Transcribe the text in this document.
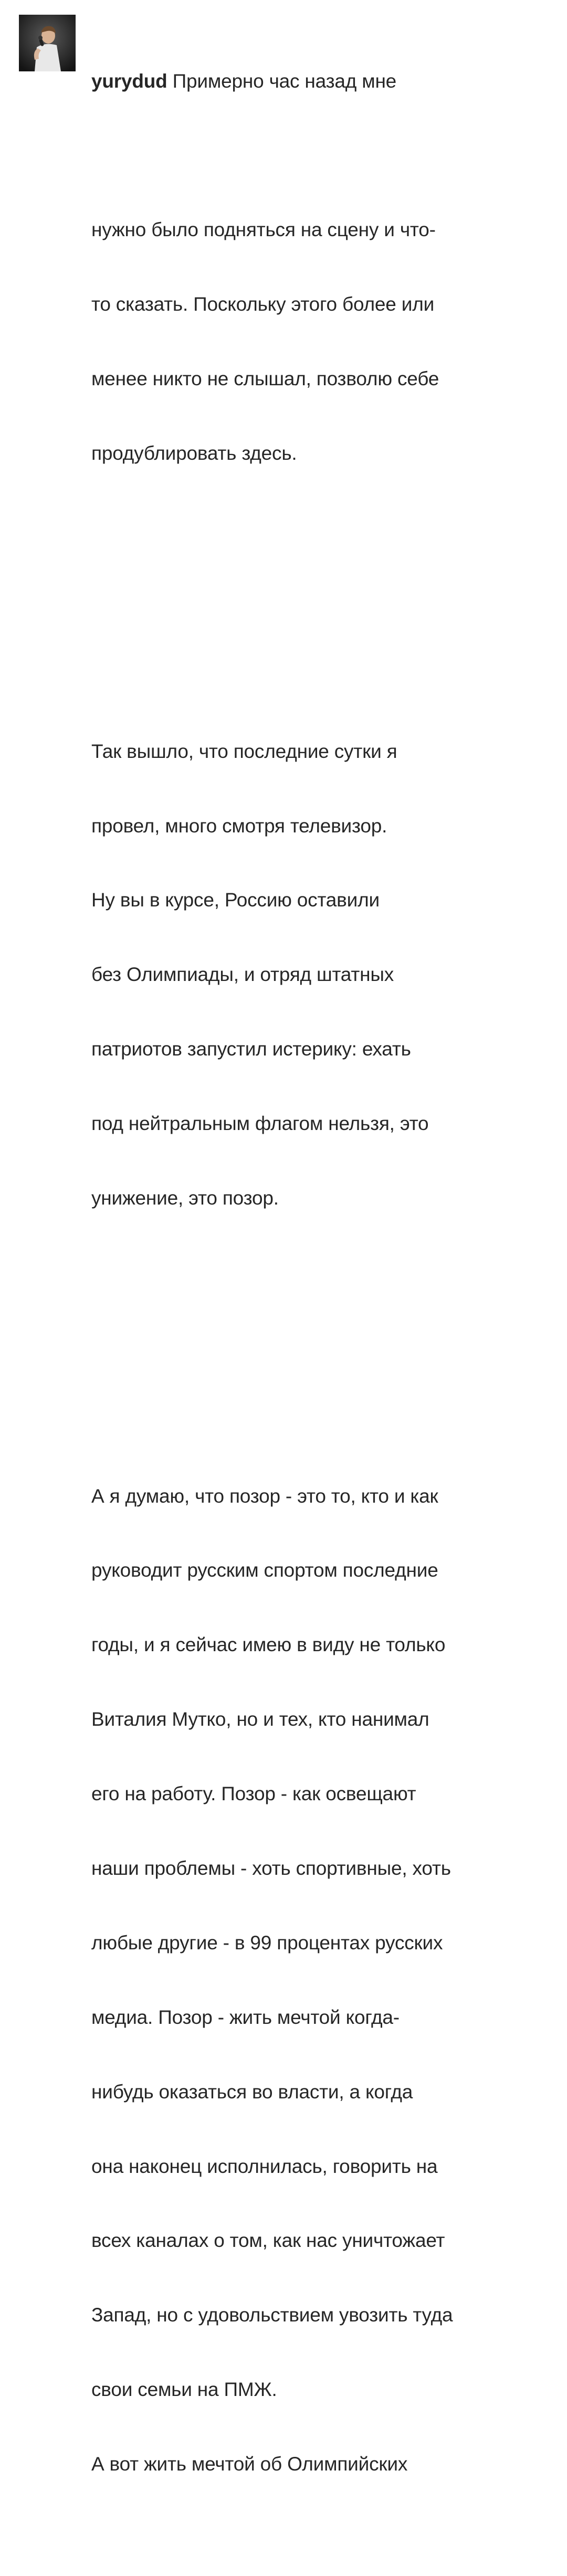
yurydud Примерно час назад мне

нужно было подняться на сцену и что-

то сказать. Поскольку этого более или

менее никто не слышал, позволю себе

продублировать здесь.

Так вышло, что последние сутки я

провел, много смотря телевизор.

Ну вы в курсе, Россию оставили

без Олимпиады, и отряд штатных

патриотов запустил истерику: ехать

под нейтральным флагом нельзя, это

унижение, это позор.

А я думаю, что позор - это то, кто и как

руководит русским спортом последние

годы, и я сейчас имею в виду не только

Виталия Мутко, но и тех, кто нанимал

его на работу. Позор - как освещают

наши проблемы - хоть спортивные, хоть

любые другие - в 99 процентах русских

медиа. Позор - жить мечтой когда-

нибудь оказаться во власти, а когда

она наконец исполнилась, говорить на

всех каналах о том, как нас уничтожает

Запад, но с удовольствием увозить туда

свои семьи на ПМЖ.

А вот жить мечтой об Олимпийских
